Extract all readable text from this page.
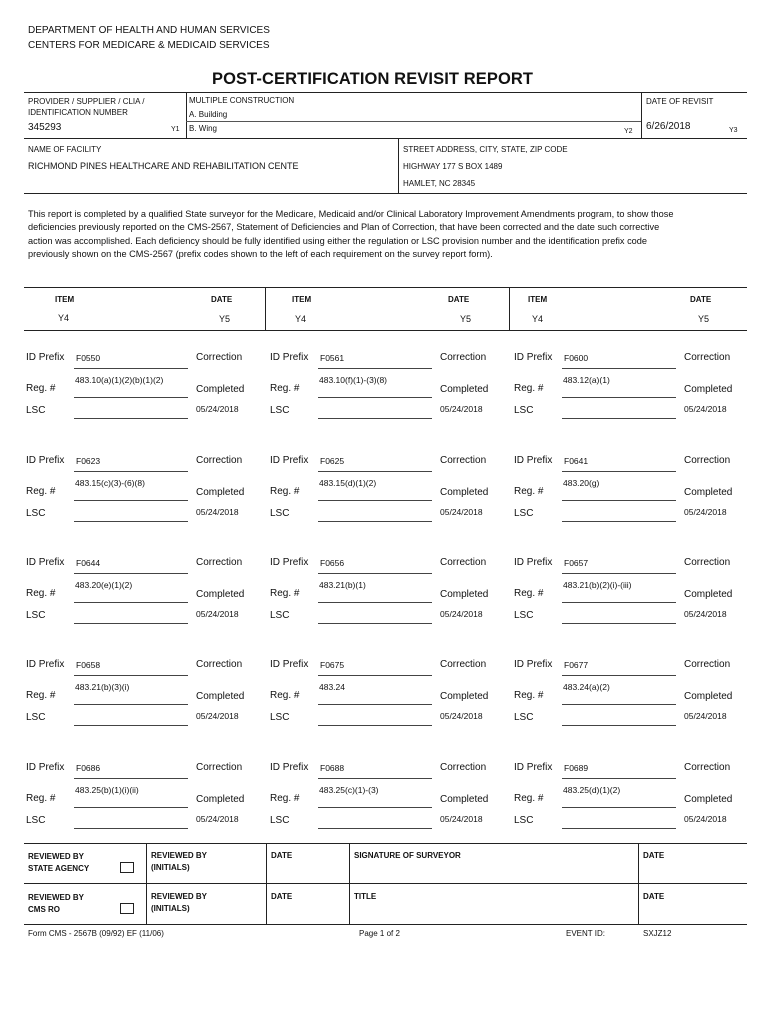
DEPARTMENT OF HEALTH AND HUMAN SERVICES
CENTERS FOR MEDICARE & MEDICAID SERVICES
POST-CERTIFICATION REVISIT REPORT
PROVIDER / SUPPLIER / CLIA /
IDENTIFICATION NUMBER
345293	Y1
MULTIPLE CONSTRUCTION
A. Building
B. Wing	Y2
DATE OF REVISIT
6/26/2018	Y3
NAME OF FACILITY
RICHMOND PINES HEALTHCARE AND REHABILITATION CENTE
STREET ADDRESS, CITY, STATE, ZIP CODE
HIGHWAY 177 S BOX 1489
HAMLET, NC 28345
This report is completed by a qualified State surveyor for the Medicare, Medicaid and/or Clinical Laboratory Improvement Amendments program, to show those deficiencies previously reported on the CMS-2567, Statement of Deficiencies and Plan of Correction, that have been corrected and the date such corrective action was accomplished. Each deficiency should be fully identified using either the regulation or LSC provision number and the identification prefix code previously shown on the CMS-2567 (prefix codes shown to the left of each requirement on the survey report form).
ITEM	DATE
Y4	Y5
ITEM	DATE
Y4	Y5
ITEM	DATE
Y4	Y5
ID Prefix F0550	Correction
Reg. #
483.10(a)(1)(2)(b)(1)(2)
Completed
LSC	05/24/2018
ID Prefix F0561	Correction
Reg. #
483.10(f)(1)-(3)(8)
Completed
LSC	05/24/2018
ID Prefix F0600	Correction
Reg. #
483.12(a)(1)
Completed
LSC	05/24/2018
ID Prefix F0623	Correction
Reg. #
483.15(c)(3)-(6)(8)
Completed
LSC	05/24/2018
ID Prefix F0625	Correction
Reg. #
483.15(d)(1)(2)
Completed
LSC	05/24/2018
ID Prefix F0641	Correction
Reg. #
483.20(g)
Completed
LSC	05/24/2018
ID Prefix F0644	Correction
Reg. #
483.20(e)(1)(2)
Completed
LSC	05/24/2018
ID Prefix F0656	Correction
Reg. #
483.21(b)(1)
Completed
LSC	05/24/2018
ID Prefix F0657	Correction
Reg. #
483.21(b)(2)(i)-(iii)
Completed
LSC	05/24/2018
ID Prefix F0658	Correction
Reg. #
483.21(b)(3)(i)
Completed
LSC	05/24/2018
ID Prefix F0675	Correction
Reg. #
483.24
Completed
LSC	05/24/2018
ID Prefix F0677	Correction
Reg. #
483.24(a)(2)
Completed
LSC	05/24/2018
ID Prefix F0686	Correction
Reg. #
483.25(b)(1)(i)(ii)
Completed
LSC	05/24/2018
ID Prefix F0688	Correction
Reg. #
483.25(c)(1)-(3)
Completed
LSC	05/24/2018
ID Prefix F0689	Correction
Reg. #
483.25(d)(1)(2)
Completed
LSC	05/24/2018
REVIEWED BY
STATE AGENCY
REVIEWED BY
(INITIALS)
DATE	SIGNATURE OF SURVEYOR	DATE
REVIEWED BY
CMS RO
REVIEWED BY
(INITIALS)
DATE	TITLE	DATE
Form CMS - 2567B (09/92) EF (11/06)	Page 1 of 2	EVENT ID:	SXJZ12
